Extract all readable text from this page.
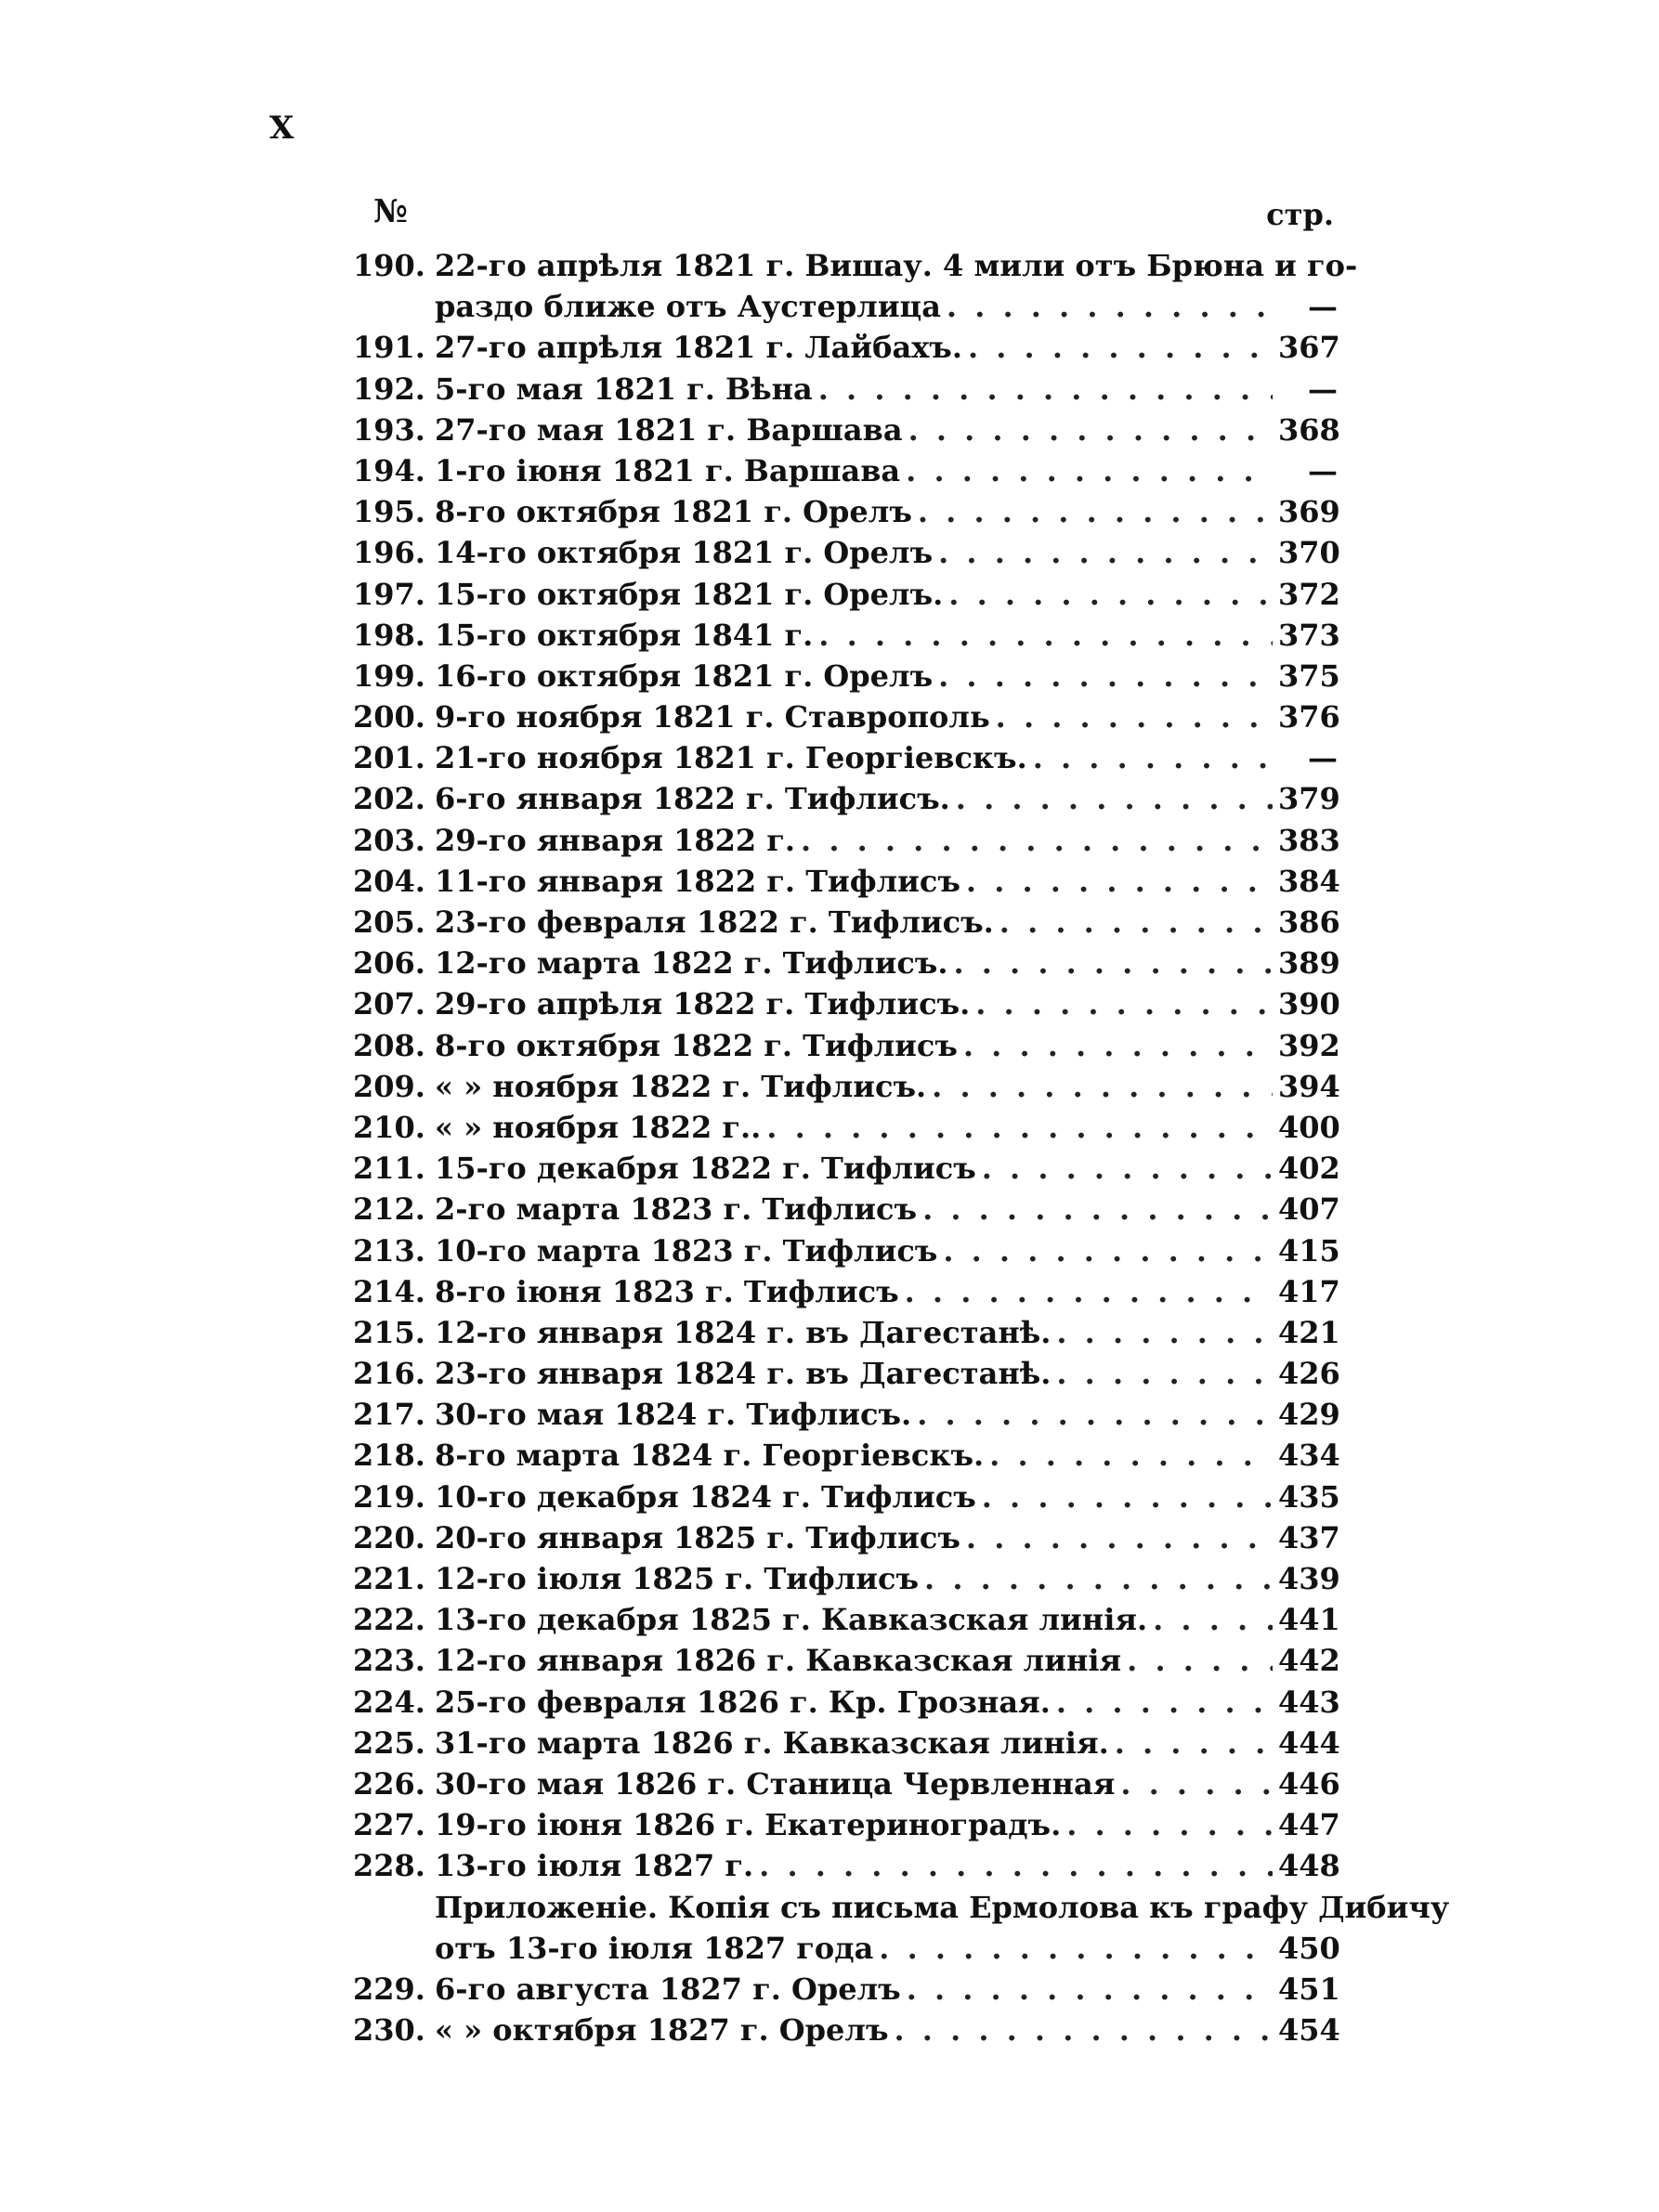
X
№	стр.
190. 22-го апрѣля 1821 г. Вишау. 4 мили отъ Брюна и го-
раздо ближе отъ Аустерлица . . .	—
191. 27-го апрѣля 1821 г. Лайбахъ. . . .	367
192. 5-го мая 1821 г. Вѣна . . .	—
193. 27-го мая 1821 г. Варшава . . .	368
194. 1-го іюня 1821 г. Варшава . . .	—
195. 8-го октября 1821 г. Орелъ . . .	369
196. 14-го октября 1821 г. Орелъ . . .	370
197. 15-го октября 1821 г. Орелъ. . . .	372
198. 15-го октября 1841 г. . . .	373
199. 16-го октября 1821 г. Орелъ . . .	375
200. 9-го ноября 1821 г. Ставрополь . . .	376
201. 21-го ноября 1821 г. Георгіевскъ. . . .	—
202. 6-го января 1822 г. Тифлисъ. . . .	379
203. 29-го января 1822 г. . . .	383
204. 11-го января 1822 г. Тифлисъ . . .	384
205. 23-го февраля 1822 г. Тифлисъ. . . .	386
206. 12-го марта 1822 г. Тифлисъ. . . .	389
207. 29-го апрѣля 1822 г. Тифлисъ. . . .	390
208. 8-го октября 1822 г. Тифлисъ . . .	392
209. « » ноября 1822 г. Тифлисъ. . . .	394
210. « » ноября 1822 г.. . . .	400
211. 15-го декабря 1822 г. Тифлисъ . . .	402
212. 2-го марта 1823 г. Тифлисъ . . .	407
213. 10-го марта 1823 г. Тифлисъ . . .	415
214. 8-го іюня 1823 г. Тифлисъ . . .	417
215. 12-го января 1824 г. въ Дагестанѣ. . . .	421
216. 23-го января 1824 г. въ Дагестанѣ. . . .	426
217. 30-го мая 1824 г. Тифлисъ. . . .	429
218. 8-го марта 1824 г. Георгіевскъ. . . .	434
219. 10-го декабря 1824 г. Тифлисъ . . .	435
220. 20-го января 1825 г. Тифлисъ . . .	437
221. 12-го іюля 1825 г. Тифлисъ . . .	439
222. 13-го декабря 1825 г. Кавказская линія. . . .	441
223. 12-го января 1826 г. Кавказская линія . . .	442
224. 25-го февраля 1826 г. Кр. Грозная. . . .	443
225. 31-го марта 1826 г. Кавказская линія. . . .	444
226. 30-го мая 1826 г. Станица Червленная . . .	446
227. 19-го іюня 1826 г. Екатериноградъ. . . .	447
228. 13-го іюля 1827 г. . . .	448
Приложеніе. Копія съ письма Ермолова къ графу Дибичу
отъ 13-го іюля 1827 года . . .	450
229. 6-го августа 1827 г. Орелъ . . .	451
230. « » октября 1827 г. Орелъ . . .	454
